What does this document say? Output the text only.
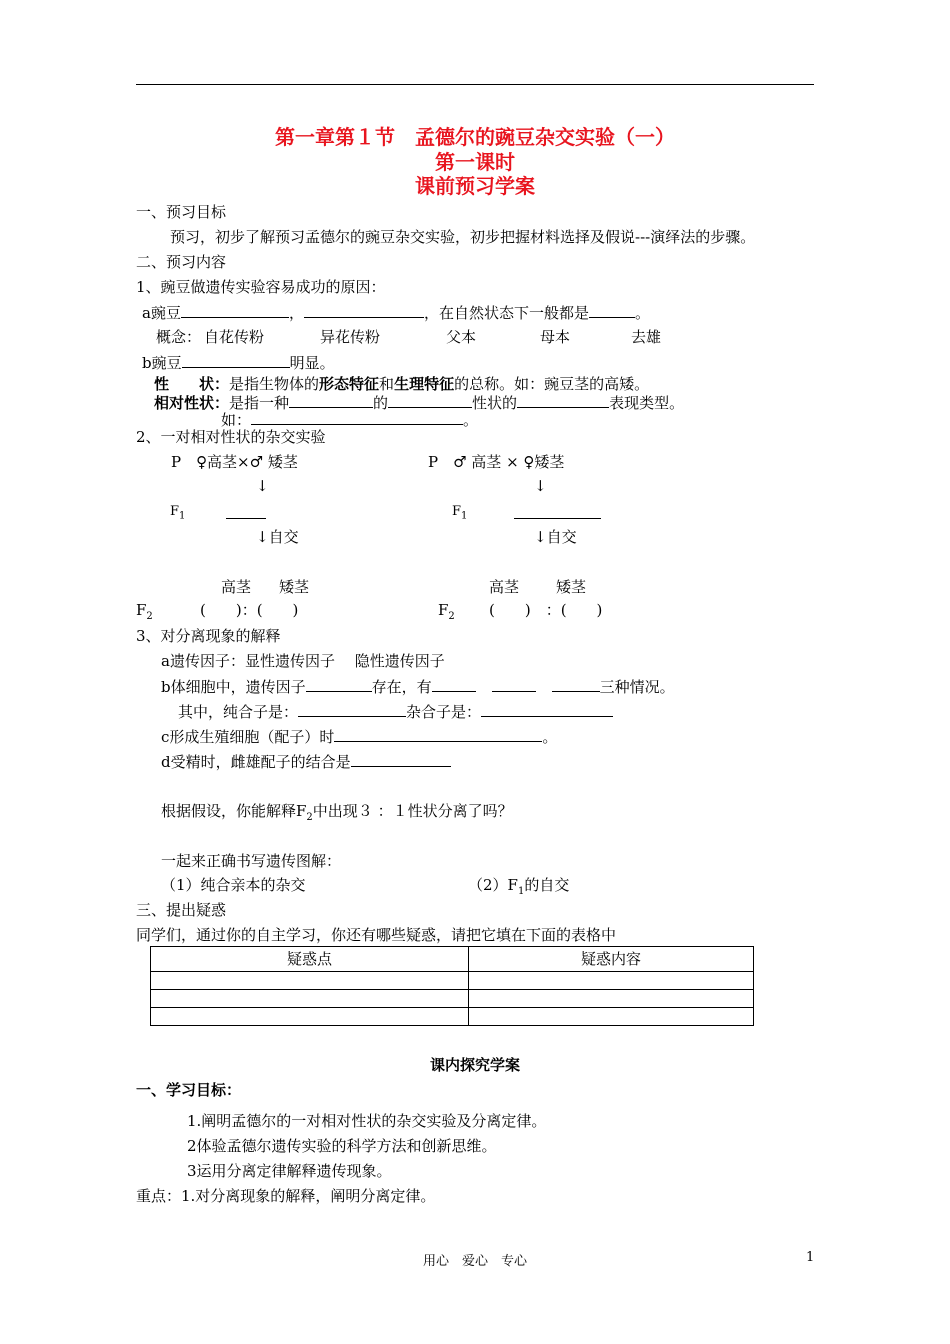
第一章第１节　孟德尔的豌豆杂交实验（一）
第一课时
课前预习学案
一、预习目标
预习，初步了解预习孟德尔的豌豆杂交实验，初步把握材料选择及假说---演绎法的步骤。
二、预习内容
1、豌豆做遗传实验容易成功的原因：
a豌豆	，	，在自然状态下一般都是	。
概念： 自花传粉	异花传粉	父本	母本	去雄
b豌豆	明显。
性　　状：是指生物体的形态特征和生理特征的总称。如：豌豆茎的高矮。
相对性状：是指一种	的	性状的	表现类型。
如：	。
2、一对相对性状的杂交实验
P　♀高茎×♂ 矮茎	P　♂ 高茎 × ♀矮茎
↓	↓
$F_1$	$F_1$
↓自交	↓自交
高茎 矮茎	高茎 矮茎
$F_2$	(　　)：(　　)	$F_2$ (　　)　：(　　)
3、对分离现象的解释
a遗传因子：显性遗传因子　 隐性遗传因子
b体细胞中，遗传因子	存在，有	三种情况。
其中，纯合子是：	杂合子是：
c形成生殖细胞（配子）时	。
d受精时，雌雄配子的结合是
根据假设，你能解释$F_2$中出现３ ：１性状分离了吗？
一起来正确书写遗传图解：
（1）纯合亲本的杂交	$(2)F_1$的自交
三、提出疑惑
同学们，通过你的自主学习，你还有哪些疑惑，请把它填在下面的表格中
疑惑点	疑惑内容

课内探究学案
一、学习目标：
1.阐明孟德尔的一对相对性状的杂交实验及分离定律。
2体验孟德尔遗传实验的科学方法和创新思维。
3运用分离定律解释遗传现象。
重点：1.对分离现象的解释，阐明分离定律。
用心　爱心　专心	1
